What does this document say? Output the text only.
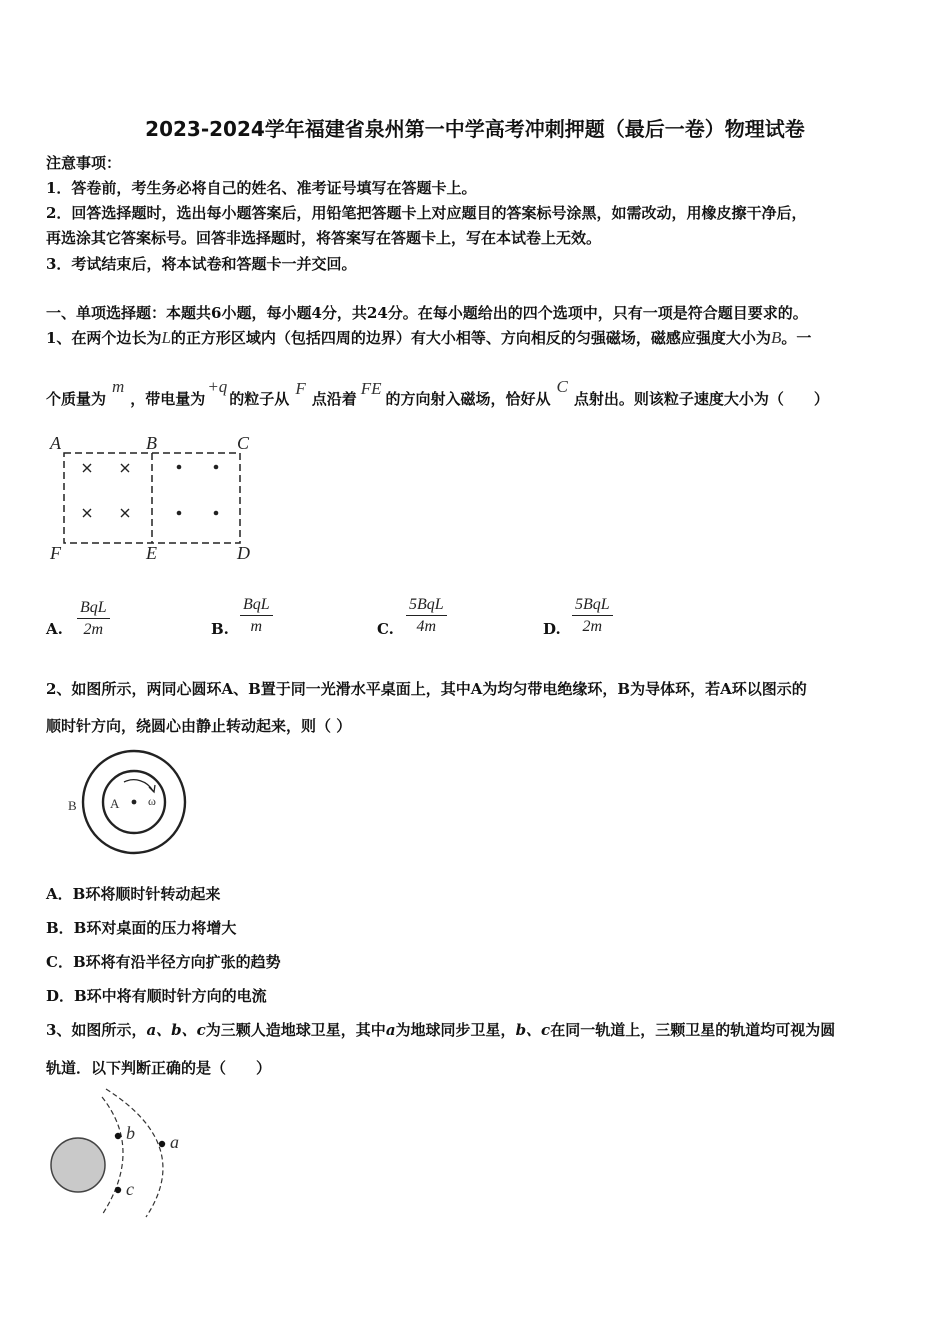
2023-2024学年福建省泉州第一中学高考冲刺押题（最后一卷）物理试卷
注意事项：
1．答卷前，考生务必将自己的姓名、准考证号填写在答题卡上。
2．回答选择题时，选出每小题答案后，用铅笔把答题卡上对应题目的答案标号涂黑，如需改动，用橡皮擦干净后，
再选涂其它答案标号。回答非选择题时，将答案写在答题卡上，写在本试卷上无效。
3．考试结束后，将本试卷和答题卡一并交回。
一、单项选择题：本题共6小题，每小题4分，共24分。在每小题给出的四个选项中，只有一项是符合题目要求的。
1、在两个边长为L的正方形区域内（包括四周的边界）有大小相等、方向相反的匀强磁场，磁感应强度大小为B。一
个质量为m，带电量为+q的粒子从F点沿着FE的方向射入磁场，恰好从C点射出。则该粒子速度大小为（　　）
A	B	C
F	E	D
A.
BqL
2m	B.
BqL
m	C.
5BqL
4m	D.
5BqL
2m
2、如图所示，两同心圆环A、B置于同一光滑水平桌面上，其中A为均匀带电绝缘环，B为导体环，若A环以图示的
顺时针方向，绕圆心由静止转动起来，则（ ）
B	A ω
A．B环将顺时针转动起来
B．B环对桌面的压力将增大
C．B环将有沿半径方向扩张的趋势
D．B环中将有顺时针方向的电流
3、如图所示，a、b、c为三颗人造地球卫星，其中a为地球同步卫星，b、c在同一轨道上，三颗卫星的轨道均可视为圆
轨道．以下判断正确的是（　　）
b
c
a
